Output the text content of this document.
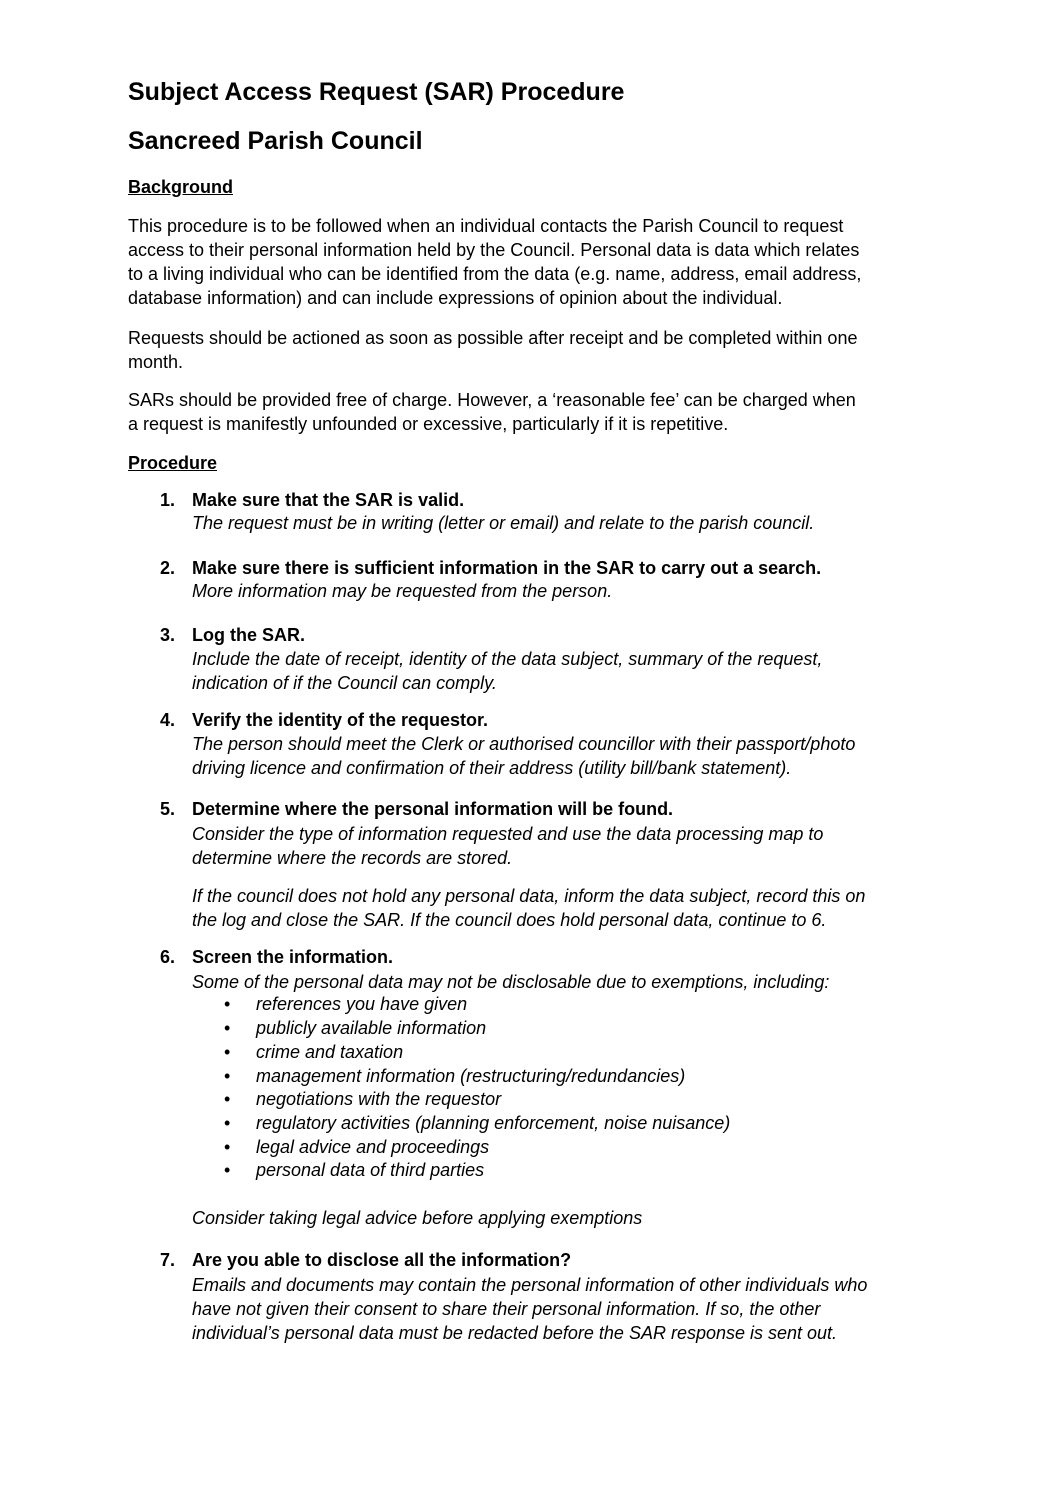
Subject Access Request (SAR) Procedure
Sancreed Parish Council
Background
This procedure is to be followed when an individual contacts the Parish Council to request
access to their personal information held by the Council. Personal data is data which relates
to a living individual who can be identified from the data (e.g. name, address, email address,
database information) and can include expressions of opinion about the individual.
Requests should be actioned as soon as possible after receipt and be completed within one
month.
SARs should be provided free of charge. However, a ‘reasonable fee’ can be charged when
a request is manifestly unfounded or excessive, particularly if it is repetitive.
Procedure
1. Make sure that the SAR is valid.
The request must be in writing (letter or email) and relate to the parish council.
2. Make sure there is sufficient information in the SAR to carry out a search.
More information may be requested from the person.
3. Log the SAR.
Include the date of receipt, identity of the data subject, summary of the request,
indication of if the Council can comply.
4. Verify the identity of the requestor.
The person should meet the Clerk or authorised councillor with their passport/photo
driving licence and confirmation of their address (utility bill/bank statement).
5. Determine where the personal information will be found.
Consider the type of information requested and use the data processing map to
determine where the records are stored.
If the council does not hold any personal data, inform the data subject, record this on
the log and close the SAR. If the council does hold personal data, continue to 6.
6. Screen the information.
Some of the personal data may not be disclosable due to exemptions, including:
• references you have given
• publicly available information
• crime and taxation
• management information (restructuring/redundancies)
• negotiations with the requestor
• regulatory activities (planning enforcement, noise nuisance)
• legal advice and proceedings
• personal data of third parties
Consider taking legal advice before applying exemptions
7. Are you able to disclose all the information?
Emails and documents may contain the personal information of other individuals who
have not given their consent to share their personal information. If so, the other
individual’s personal data must be redacted before the SAR response is sent out.
